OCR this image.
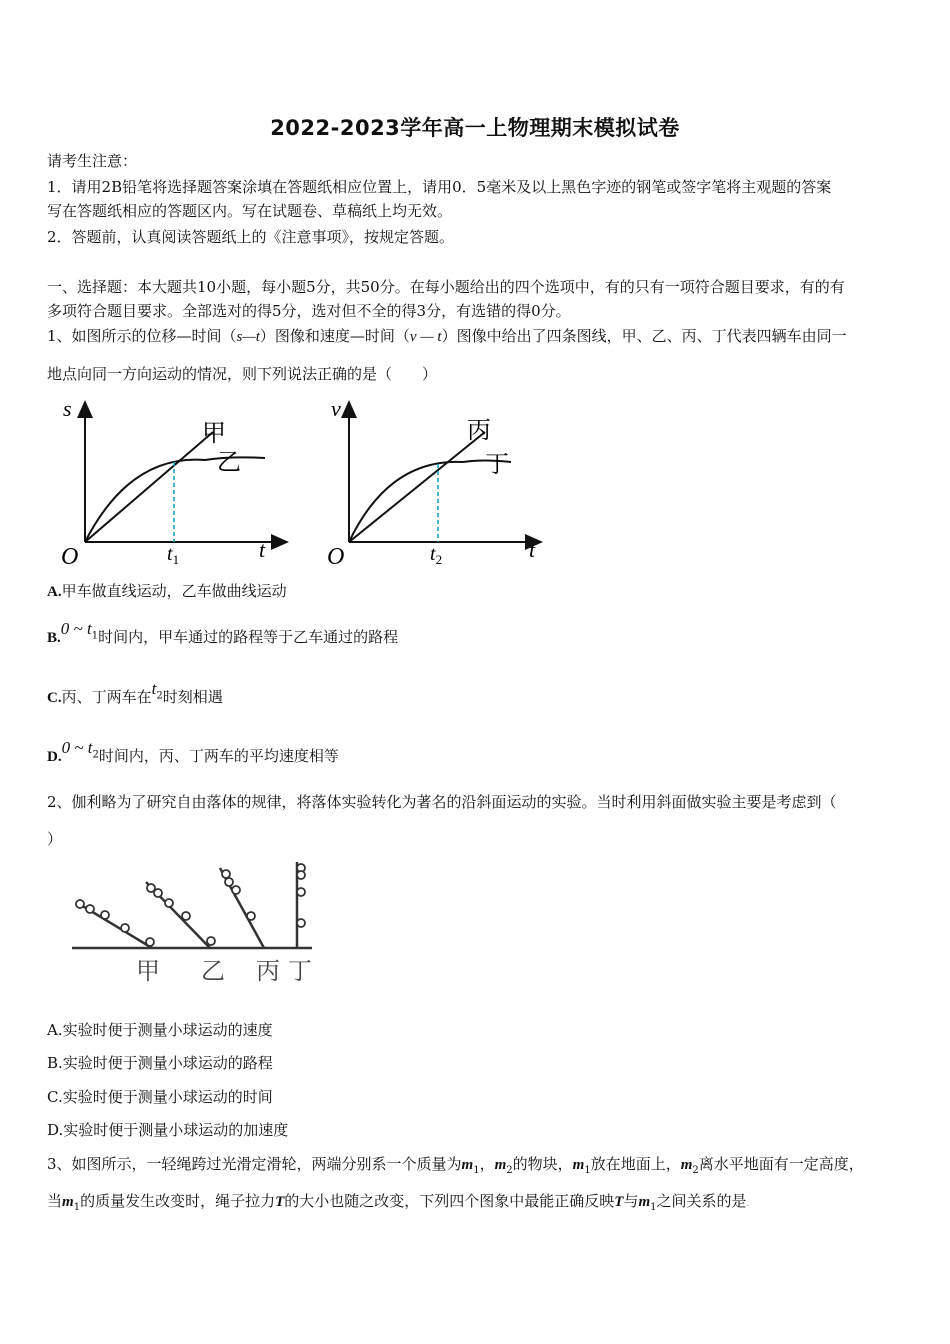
2022-2023学年高一上物理期末模拟试卷
请考生注意：
1．请用2B铅笔将选择题答案涂填在答题纸相应位置上，请用0．5毫米及以上黑色字迹的钢笔或签字笔将主观题的答案
写在答题纸相应的答题区内。写在试题卷、草稿纸上均无效。
2．答题前，认真阅读答题纸上的《注意事项》，按规定答题。
一、选择题：本大题共10小题，每小题5分，共50分。在每小题给出的四个选项中，有的只有一项符合题目要求，有的有
多项符合题目要求。全部选对的得5分，选对但不全的得3分，有选错的得0分。
1、如图所示的位移—时间（s—t）图像和速度—时间（v — t）图像中给出了四条图线，甲、乙、丙、丁代表四辆车由同一
地点向同一方向运动的情况，则下列说法正确的是（　　）
s
t
O
甲
乙
$t_1$
v
t
O
丙
丁
$t_2$
A.甲车做直线运动，乙车做曲线运动
B.0 ~ $t_1$时间内，甲车通过的路程等于乙车通过的路程
C.丙、丁两车在$t_2$时刻相遇
D.0 ~ $t_2$时间内，丙、丁两车的平均速度相等
2、伽利略为了研究自由落体的规律，将落体实验转化为著名的沿斜面运动的实验。当时利用斜面做实验主要是考虑到（
）
甲 乙 丙 丁
A.实验时便于测量小球运动的速度
B.实验时便于测量小球运动的路程
C.实验时便于测量小球运动的时间
D.实验时便于测量小球运动的加速度
3、如图所示，一轻绳跨过光滑定滑轮，两端分别系一个质量为$m_1$，$m_2$的物块，$m_1$放在地面上，$m_2$离水平地面有一定高度，
当$m_1$的质量发生改变时，绳子拉力T的大小也随之改变，下列四个图象中最能正确反映T与$m_1$之间关系的是.
